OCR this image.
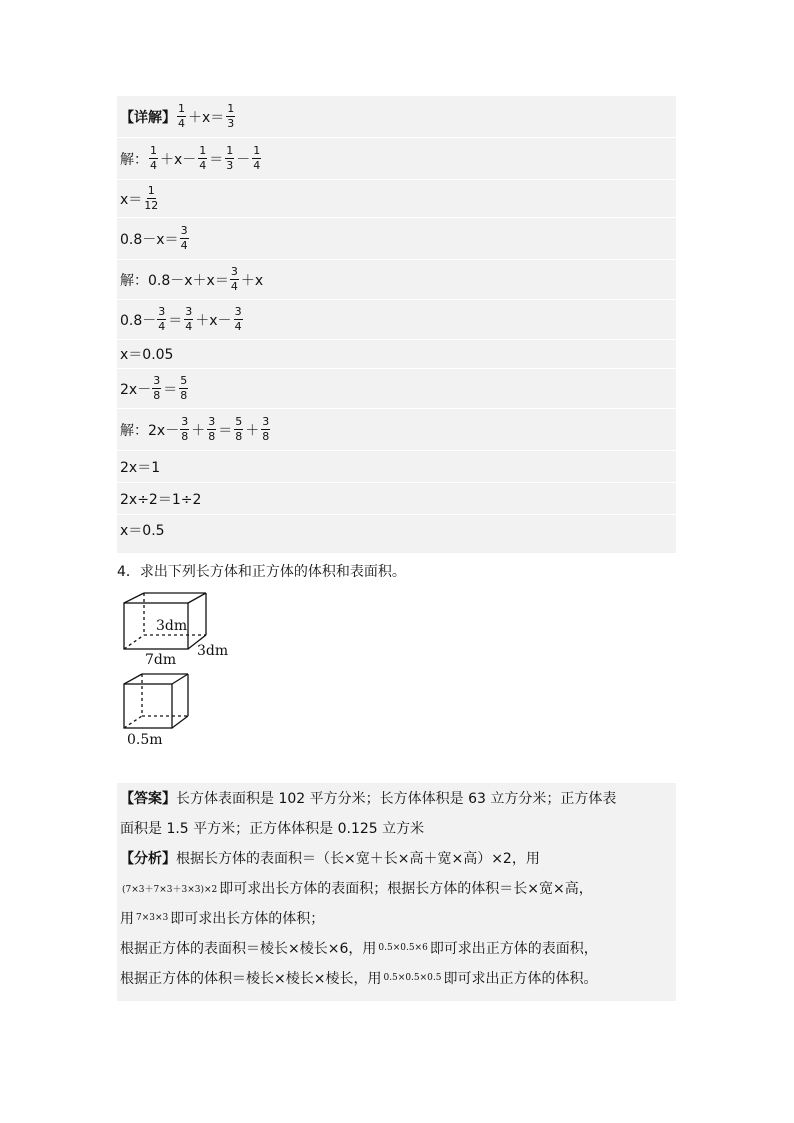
【详解】 $\frac{1}{4} +x= \frac{1}{3}$
解： $\frac{1}{4} +x- \frac{1}{4} = \frac{1}{3} - \frac{1}{4}$
$x= \frac{1}{12}$
$0.8-x= \frac{3}{4}$
解：$0.8-x+x= \frac{3}{4} +x$
$0.8- \frac{3}{4} = \frac{3}{4} +x- \frac{3}{4}$
x＝0.05
$2x- \frac{3}{8} = \frac{5}{8}$
解：$2x- \frac{3}{8} + \frac{3}{8} = \frac{5}{8} + \frac{3}{8}$
2x＝1
2x÷2＝1÷2
x＝0.5
4．求出下列长方体和正方体的体积和表面积。
3dm
7dm
3dm
0.5m
【答案】 长方体表面积是 102 平方分米；长方体体积是 63 立方分米；正方体表
面积是 1.5 平方米；正方体体积是 0.125 立方米
【分析】 根据长方体的表面积＝（长×宽＋长×高＋宽×高）×2，用
(7×3＋7×3＋3×3)×2 即可求出长方体的表面积；根据长方体的体积＝长×宽×高，
用 7×3×3 即可求出长方体的体积；
根据正方体的表面积＝棱长×棱长×6，用 0.5×0.5×6 即可求出正方体的表面积，
根据正方体的体积＝棱长×棱长×棱长，用 0.5×0.5×0.5 即可求出正方体的体积。
